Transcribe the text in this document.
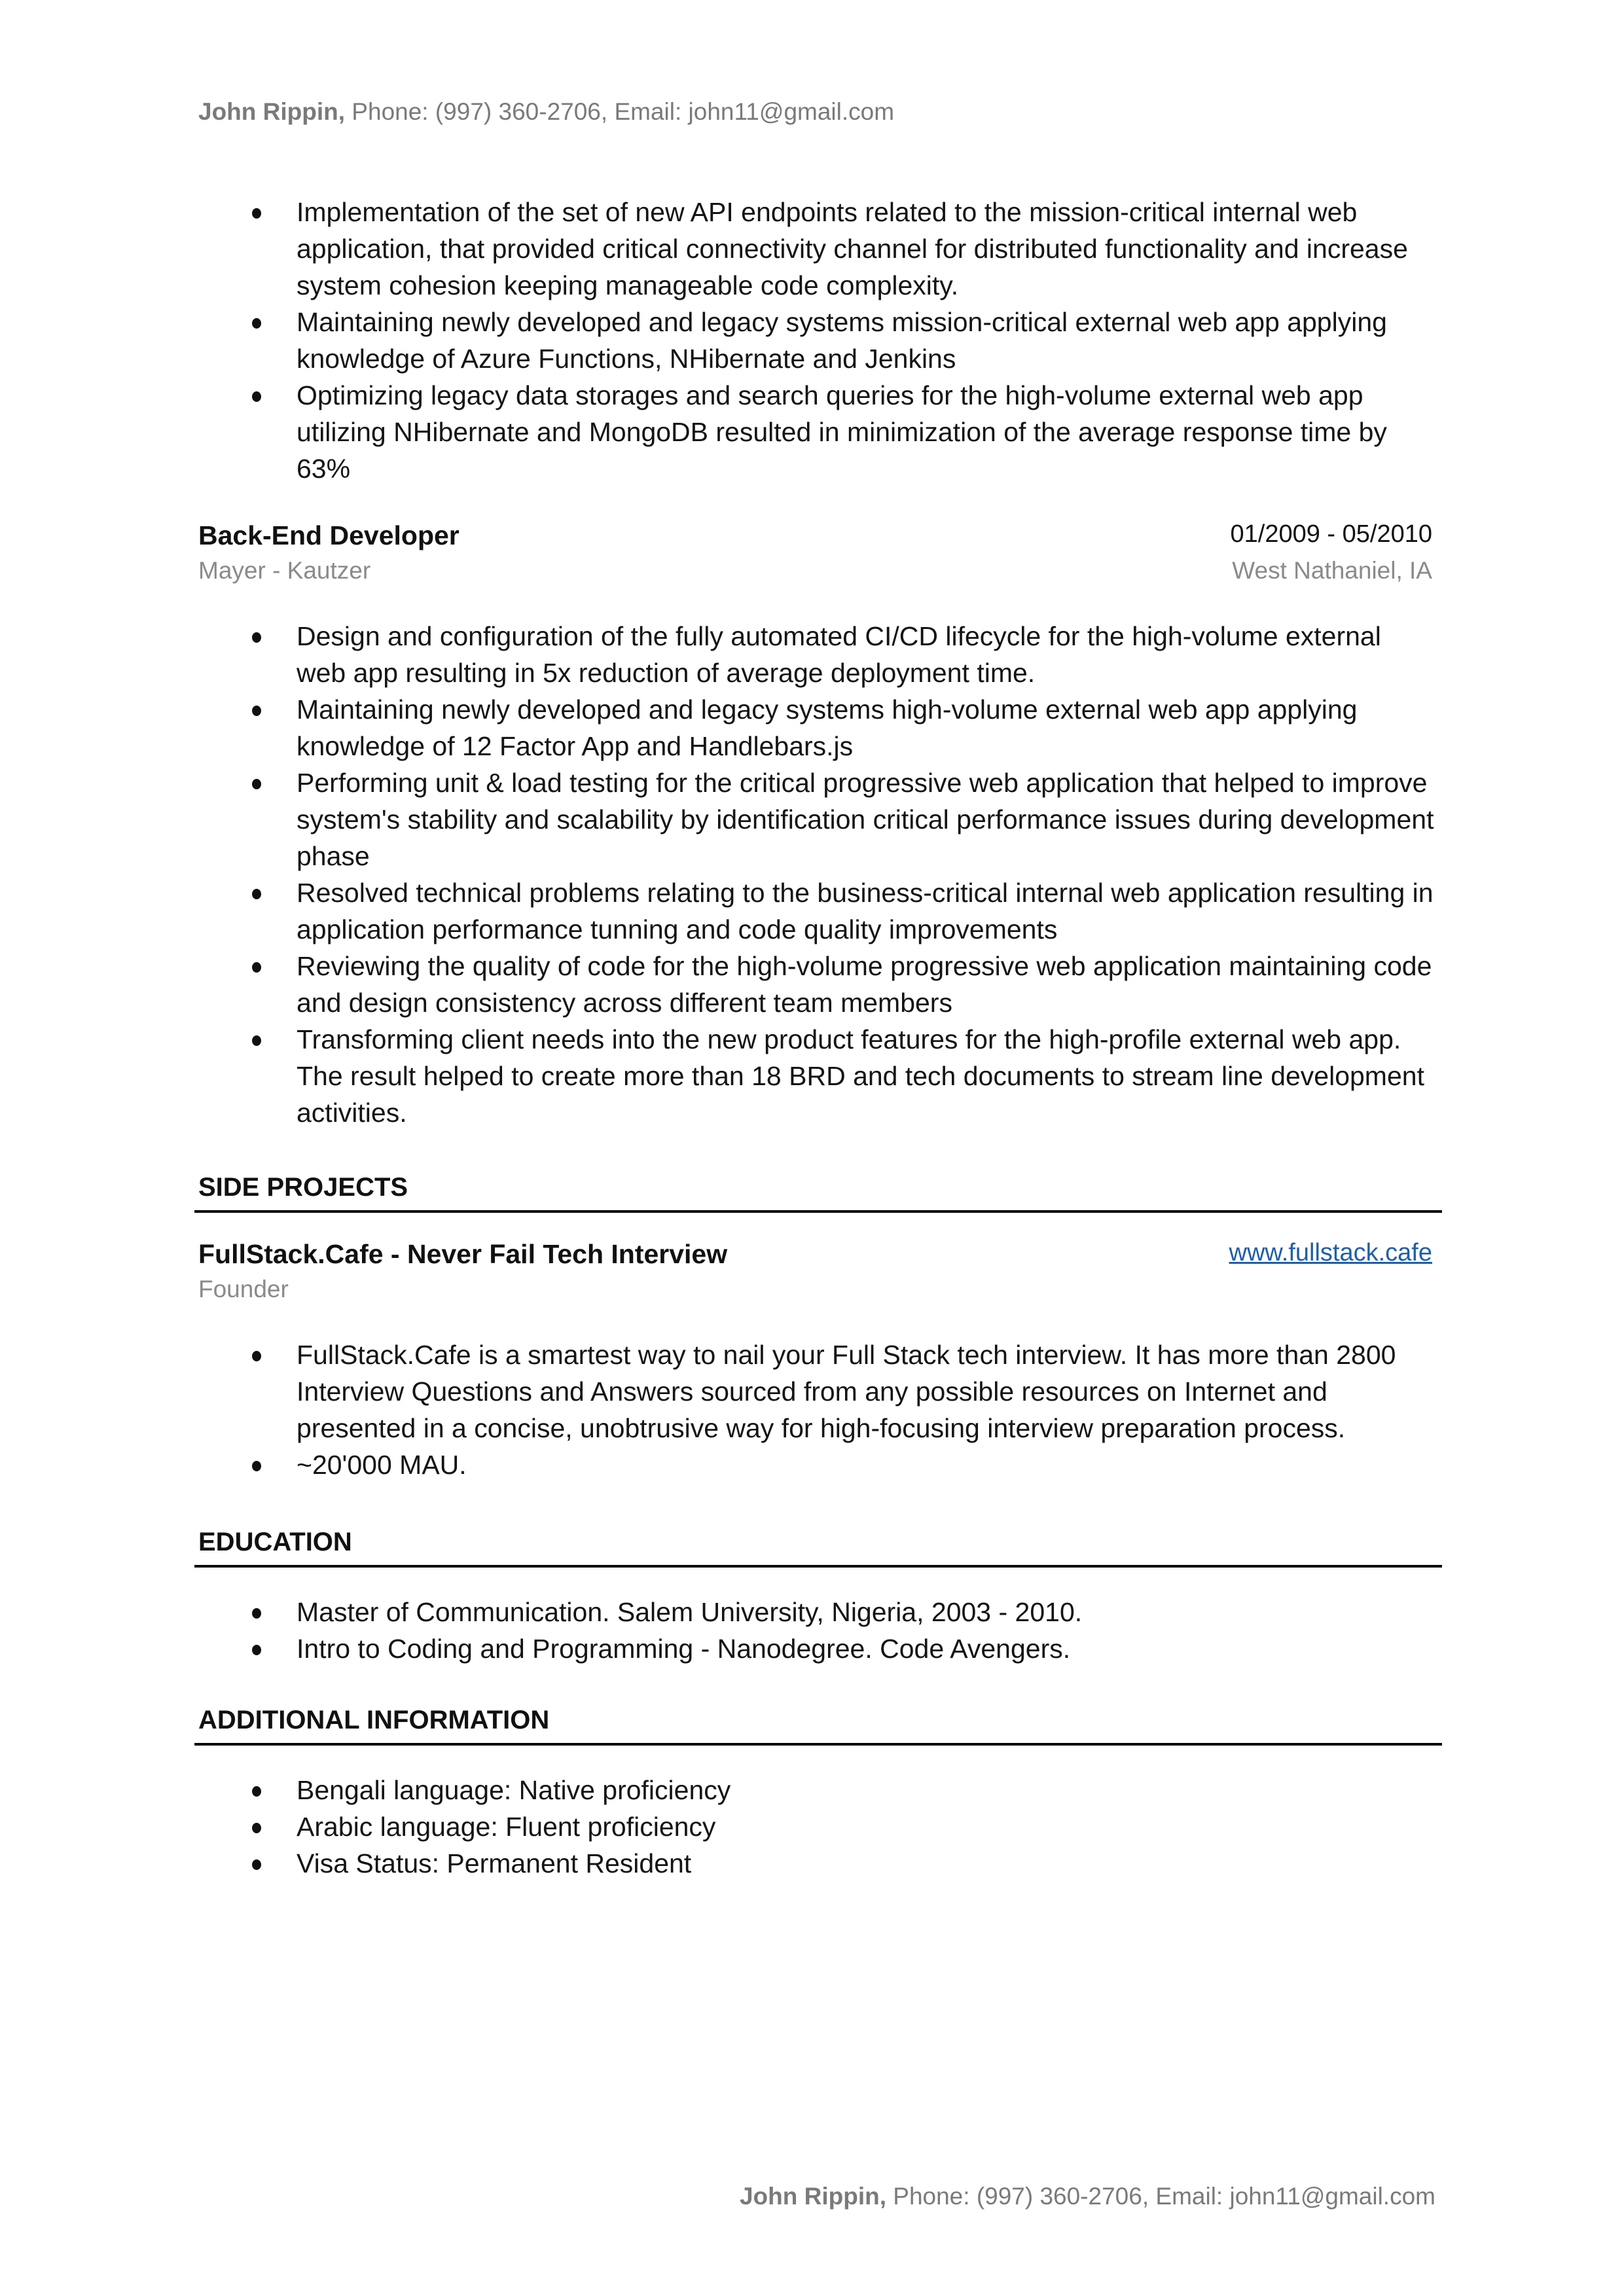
John Rippin, Phone: (997) 360-2706, Email: john11@gmail.com
Implementation of the set of new API endpoints related to the mission-critical internal web application, that provided critical connectivity channel for distributed functionality and increase system cohesion keeping manageable code complexity.
Maintaining newly developed and legacy systems mission-critical external web app applying knowledge of Azure Functions, NHibernate and Jenkins
Optimizing legacy data storages and search queries for the high-volume external web app utilizing NHibernate and MongoDB resulted in minimization of the average response time by 63%
Back-End Developer
Mayer - Kautzer
01/2009 - 05/2010
West Nathaniel, IA
Design and configuration of the fully automated CI/CD lifecycle for the high-volume external web app resulting in 5x reduction of average deployment time.
Maintaining newly developed and legacy systems high-volume external web app applying knowledge of 12 Factor App and Handlebars.js
Performing unit & load testing for the critical progressive web application that helped to improve system's stability and scalability by identification critical performance issues during development phase
Resolved technical problems relating to the business-critical internal web application resulting in application performance tunning and code quality improvements
Reviewing the quality of code for the high-volume progressive web application maintaining code and design consistency across different team members
Transforming client needs into the new product features for the high-profile external web app. The result helped to create more than 18 BRD and tech documents to stream line development activities.
SIDE PROJECTS
FullStack.Cafe - Never Fail Tech Interview
Founder
www.fullstack.cafe
FullStack.Cafe is a smartest way to nail your Full Stack tech interview. It has more than 2800 Interview Questions and Answers sourced from any possible resources on Internet and presented in a concise, unobtrusive way for high-focusing interview preparation process.
~20'000 MAU.
EDUCATION
Master of Communication. Salem University, Nigeria, 2003 - 2010.
Intro to Coding and Programming - Nanodegree. Code Avengers.
ADDITIONAL INFORMATION
Bengali language: Native proficiency
Arabic language: Fluent proficiency
Visa Status: Permanent Resident
John Rippin, Phone: (997) 360-2706, Email: john11@gmail.com
